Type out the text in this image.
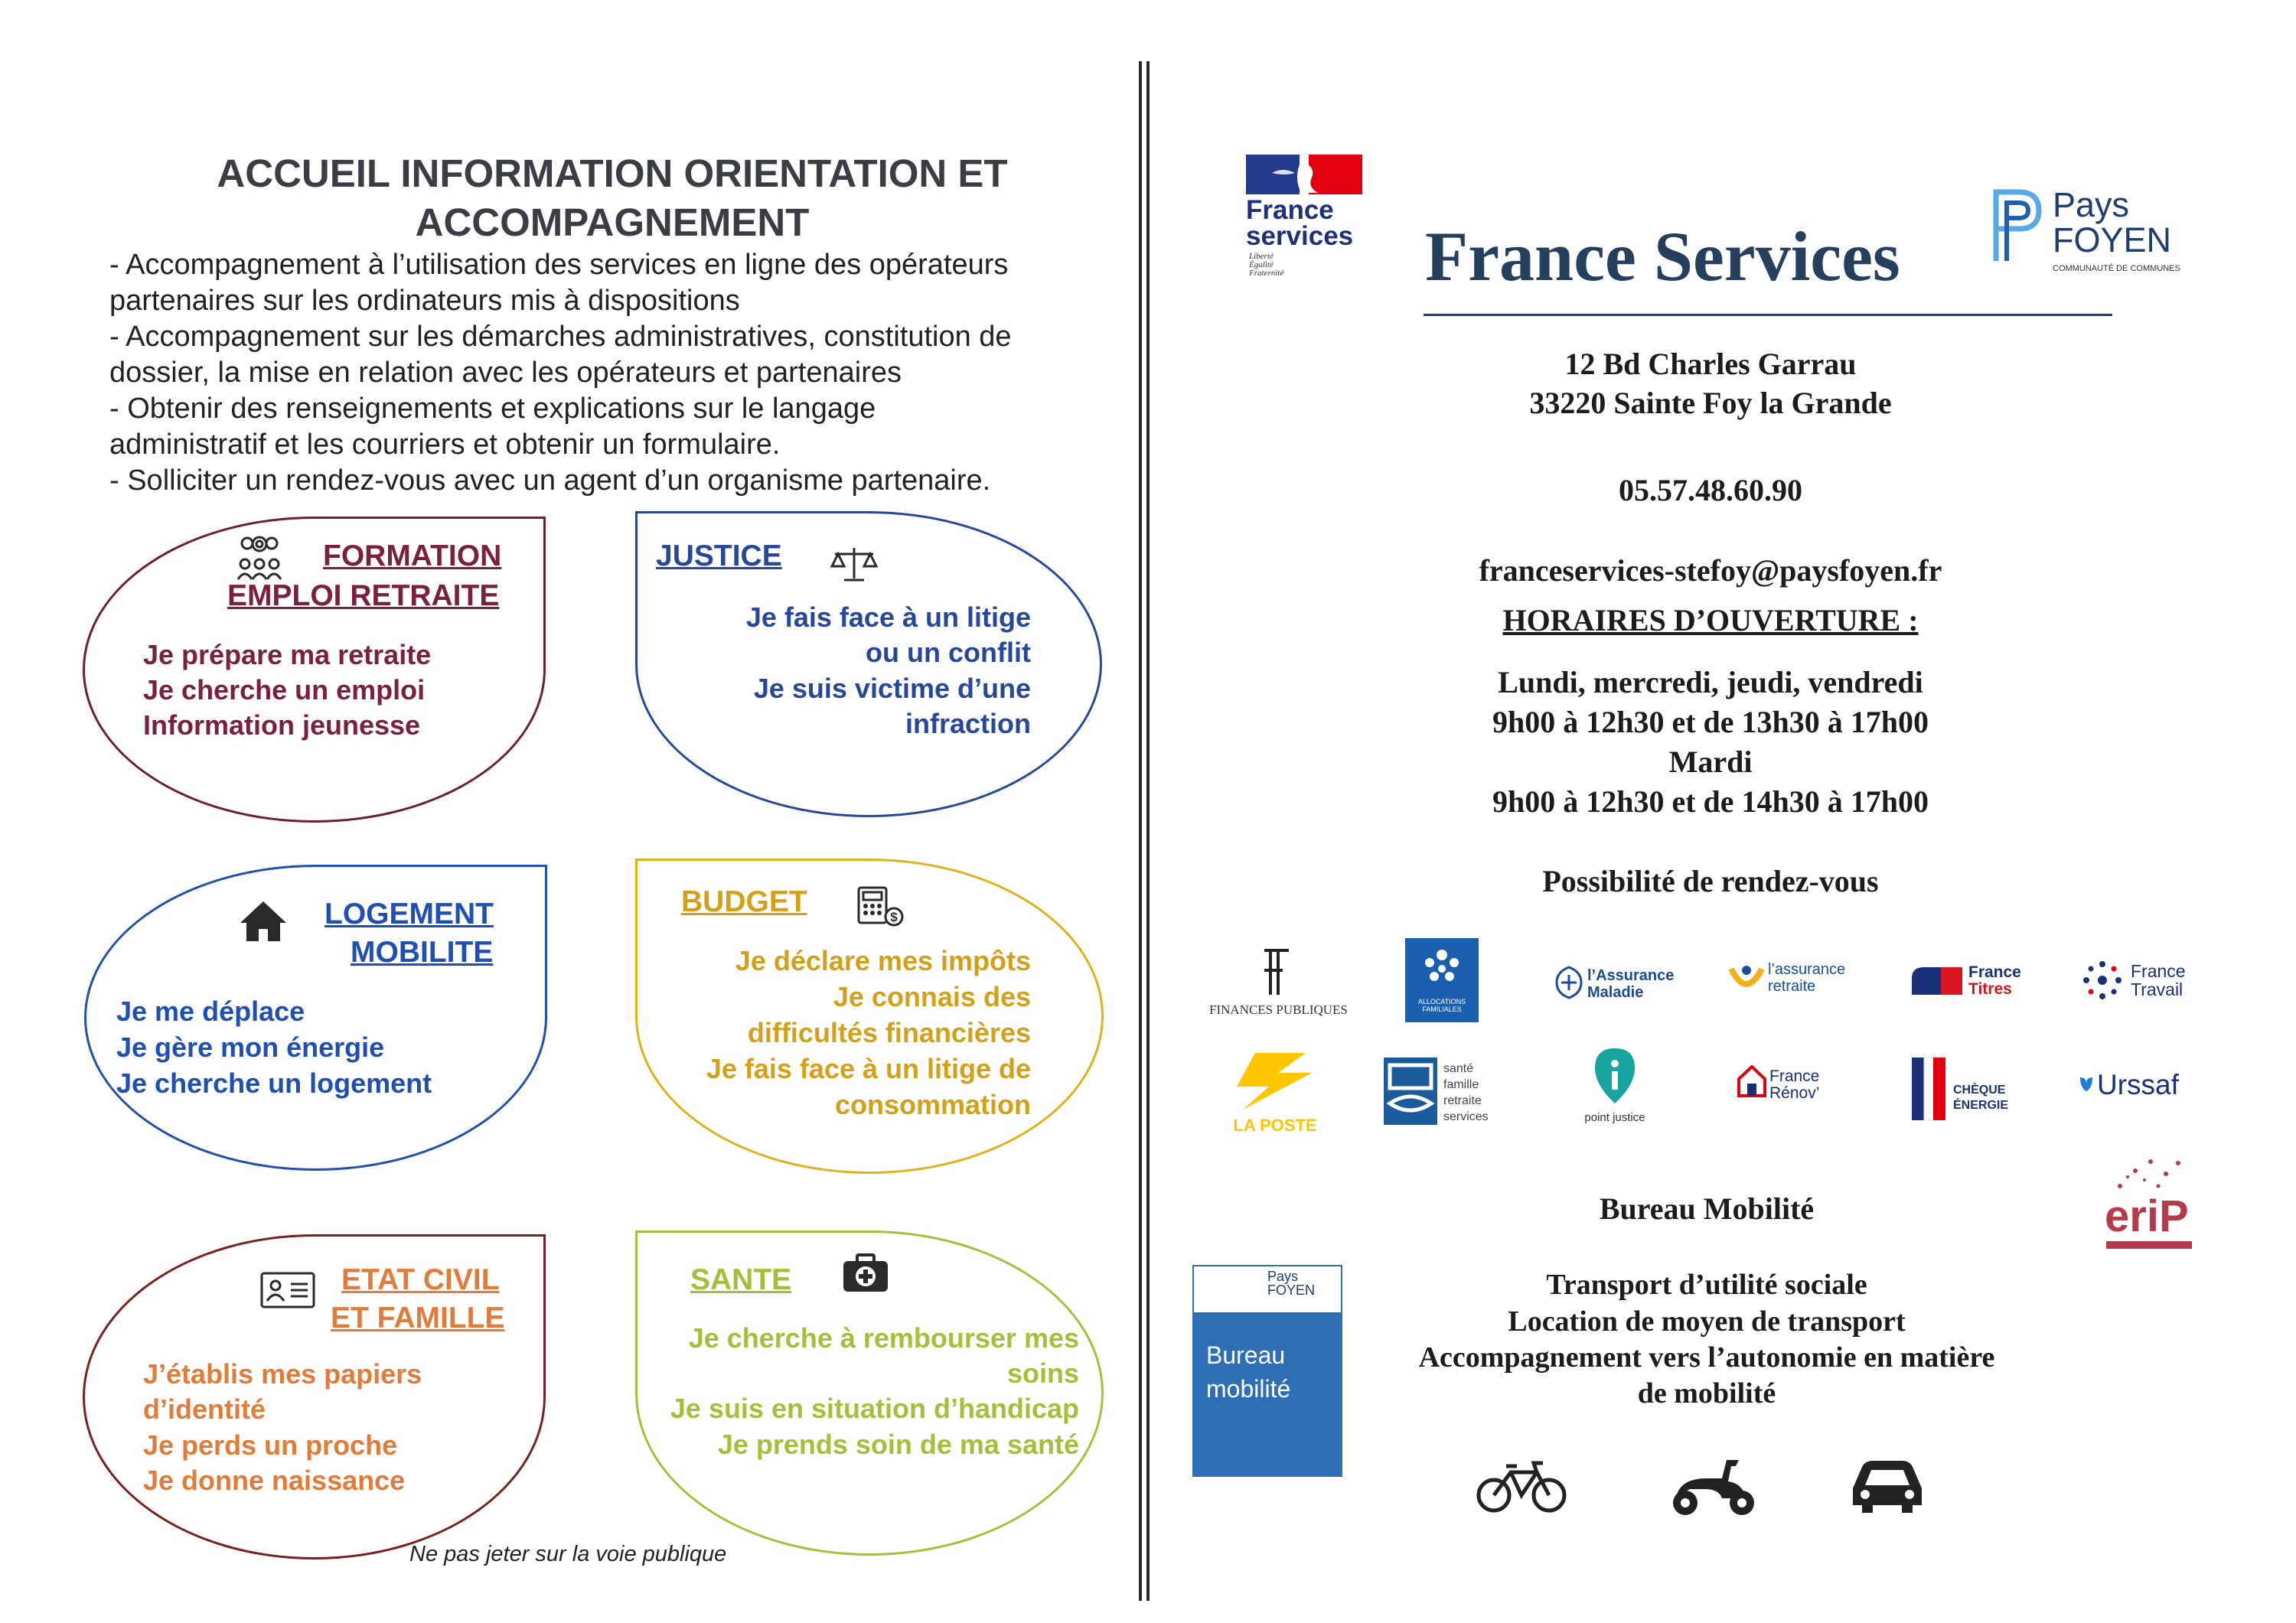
ACCUEIL INFORMATION ORIENTATION ET
ACCOMPAGNEMENT
- Accompagnement à l’utilisation des services en ligne des opérateurs
partenaires sur les ordinateurs mis à dispositions
- Accompagnement sur les démarches administratives, constitution de
dossier, la mise en relation avec les opérateurs et partenaires
- Obtenir des renseignements et explications sur le langage
administratif et les courriers et obtenir un formulaire.
- Solliciter un rendez-vous avec un agent d’un organisme partenaire.
FORMATION
EMPLOI RETRAITE
Je prépare ma retraite
Je cherche un emploi
Information jeunesse
JUSTICE
Je fais face à un litige
ou un conflit
Je suis victime d’une
infraction
LOGEMENT
MOBILITE
Je me déplace
Je gère mon énergie
Je cherche un logement
BUDGET	$
Je déclare mes impôts
Je connais des
difficultés financières
Je fais face à un litige de
consommation
ETAT CIVIL
ET FAMILLE
J’établis mes papiers
d’identité
Je perds un proche
Je donne naissance
SANTE
Je cherche à rembourser mes
soins
Je suis en situation d’handicap
Je prends soin de ma santé
Ne pas jeter sur la voie publique
France
services
Liberté
Égalité
Fraternité France Services
Pays
FOYEN
COMMUNAUTÉ DE COMMUNES
12 Bd Charles Garrau
33220 Sainte Foy la Grande
05.57.48.60.90
franceservices-stefoy@paysfoyen.fr
HORAIRES D’OUVERTURE :
Lundi, mercredi, jeudi, vendredi
9h00 à 12h30 et de 13h30 à 17h00
Mardi
9h00 à 12h30 et de 14h30 à 17h00
Possibilité de rendez-vous
FINANCES PUBLIQUES
ALLOCATIONS FAMILIALES
l’Assurance
Maladie
l’assurance
retraite
France
Titres
France
Travail
LA POSTE
santé
famille
retraite
services	point justice
France
Rénov’	CHÈQUE
ÉNERGIE
Urssaf
Bureau Mobilité	eriP
Pays
FOYEN
Bureau
mobilité
Transport d’utilité sociale
Location de moyen de transport
Accompagnement vers l’autonomie en matière
de mobilité
